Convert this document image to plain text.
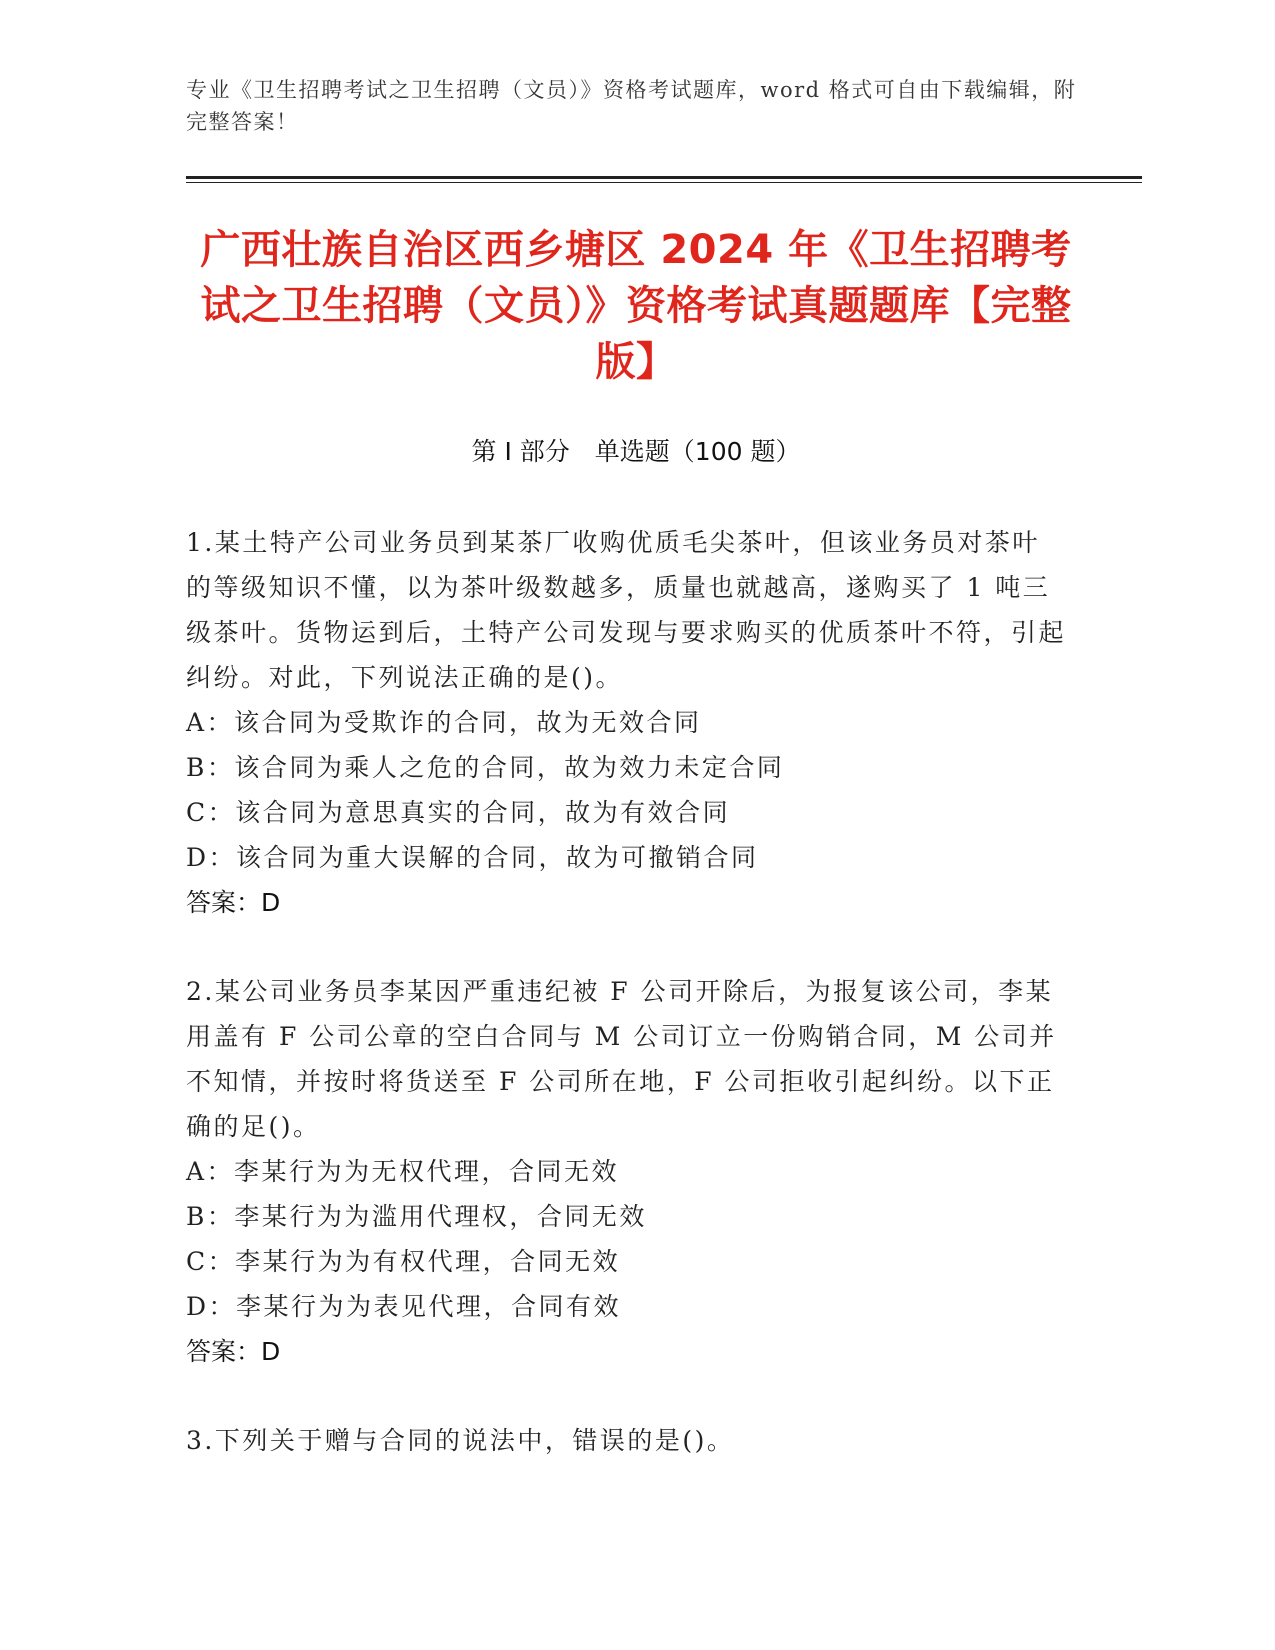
专业《卫生招聘考试之卫生招聘（文员）》资格考试题库，word 格式可自由下载编辑，附完整答案！
广西壮族自治区西乡塘区 2024 年《卫生招聘考试之卫生招聘（文员）》资格考试真题题库【完整版】
第 I 部分　单选题（100 题）

1.某土特产公司业务员到某茶厂收购优质毛尖茶叶，但该业务员对茶叶的等级知识不懂，以为茶叶级数越多，质量也就越高，遂购买了 1 吨三级茶叶。货物运到后，土特产公司发现与要求购买的优质茶叶不符，引起纠纷。对此，下列说法正确的是()。

A：该合同为受欺诈的合同，故为无效合同

B：该合同为乘人之危的合同，故为效力未定合同

C：该合同为意思真实的合同，故为有效合同

D：该合同为重大误解的合同，故为可撤销合同

答案：D

2.某公司业务员李某因严重违纪被 F 公司开除后，为报复该公司，李某用盖有 F 公司公章的空白合同与 M 公司订立一份购销合同，M 公司并不知情，并按时将货送至 F 公司所在地，F 公司拒收引起纠纷。以下正确的足()。

A：李某行为为无权代理，合同无效

B：李某行为为滥用代理权，合同无效

C：李某行为为有权代理，合同无效

D：李某行为为表见代理，合同有效

答案：D

3.下列关于赠与合同的说法中，错误的是()。
